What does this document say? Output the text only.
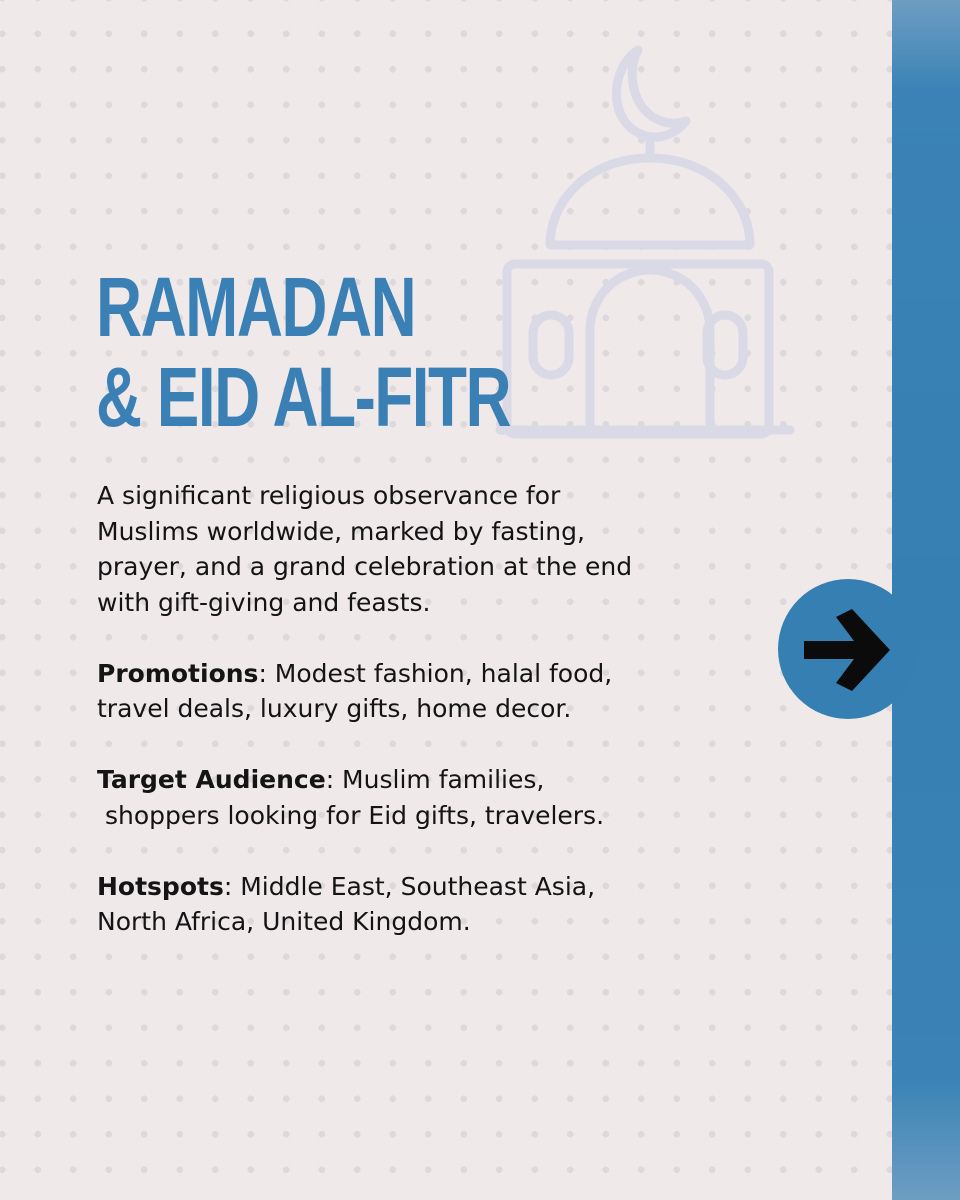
RAMADAN
& EID AL-FITR

A significant religious observance for
Muslims worldwide, marked by fasting,
prayer, and a grand celebration at the end
with gift-giving and feasts.

Promotions: Modest fashion, halal food,
travel deals, luxury gifts, home decor.

Target Audience: Muslim families,
shoppers looking for Eid gifts, travelers.

Hotspots: Middle East, Southeast Asia,
North Africa, United Kingdom.
